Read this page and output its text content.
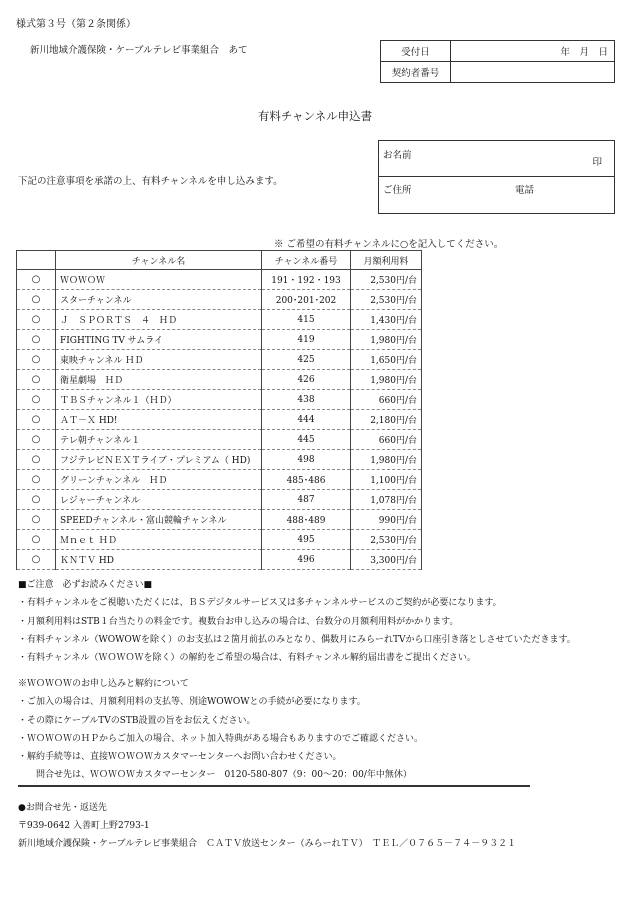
様式第３号（第２条関係）
新川地域介護保険・ケーブルテレビ事業組合　あて	受付日	年　月　日
契約者番号	
有料チャンネル申込書
お名前
印
ご住所	電話
下記の注意事項を承諾の上、有料チャンネルを申し込みます。
※ ご希望の有料チャンネルに○を記入してください。
	チャンネル名	チャンネル番号	月額利用料
○	ＷＯＷＯＷ	191・192・193	2,530円/台
○	スターチャンネル	200･201･202	2,530円/台
○	Ｊ　ＳＰＯＲＴＳ　４　ＨＤ	415	1,430円/台
○	FIGHTING TV サムライ	419	1,980円/台
○	東映チャンネル ＨＤ	425	1,650円/台
○	衛星劇場　ＨＤ	426	1,980円/台
○	ＴＢＳチャンネル１（ＨＤ）	438	660円/台
○	ＡＴ－Ｘ HD!	444	2,180円/台
○	テレ朝チャンネル１	445	660円/台
○	フジテレビＮＥＸＴライブ・プレミアム（ HD)	498	1,980円/台
○	グリーンチャンネル　ＨＤ	485･486	1,100円/台
○	レジャーチャンネル	487	1,078円/台
○	SPEEDチャンネル・富山競輪チャンネル	488･489	990円/台
○	Ｍｎｅｔ ＨＤ	495	2,530円/台
○	ＫＮＴＶ HD	496	3,300円/台
■ご注意　必ずお読みください■
・有料チャンネルをご視聴いただくには、ＢＳデジタルサービス又は多チャンネルサービスのご契約が必要になります。
・月額利用料はSTB１台当たりの料金です。複数台お申し込みの場合は、台数分の月額利用料がかかります。
・有料チャンネル（WOWOWを除く）のお支払は２箇月前払のみとなり、偶数月にみらーれTVから口座引き落としさせていただきます。
・有料チャンネル（ＷＯＷＯＷを除く）の解約をご希望の場合は、有料チャンネル解約届出書をご提出ください。
※ＷＯＷＯＷのお申し込みと解約について
・ご加入の場合は、月額利用料の支払等、別途WOWOWとの手続が必要になります。
・その際にケーブルTVのSTB設置の旨をお伝えください。
・ＷＯＷＯＷのＨＰからご加入の場合、ネット加入特典がある場合もありますのでご確認ください。
・解約手続等は、直接ＷＯＷＯＷカスタマーセンターへお問い合わせください。
　　問合せ先は、ＷＯＷＯＷカスタマーセンター　0120-580-807（9：00～20：00/年中無休）
●お問合せ先・返送先
〒939-0642 入善町上野2793-1
新川地域介護保険・ケーブルテレビ事業組合　ＣＡＴＶ放送センター（みらーれＴＶ）　ＴＥＬ／０７６５－７４－９３２１
